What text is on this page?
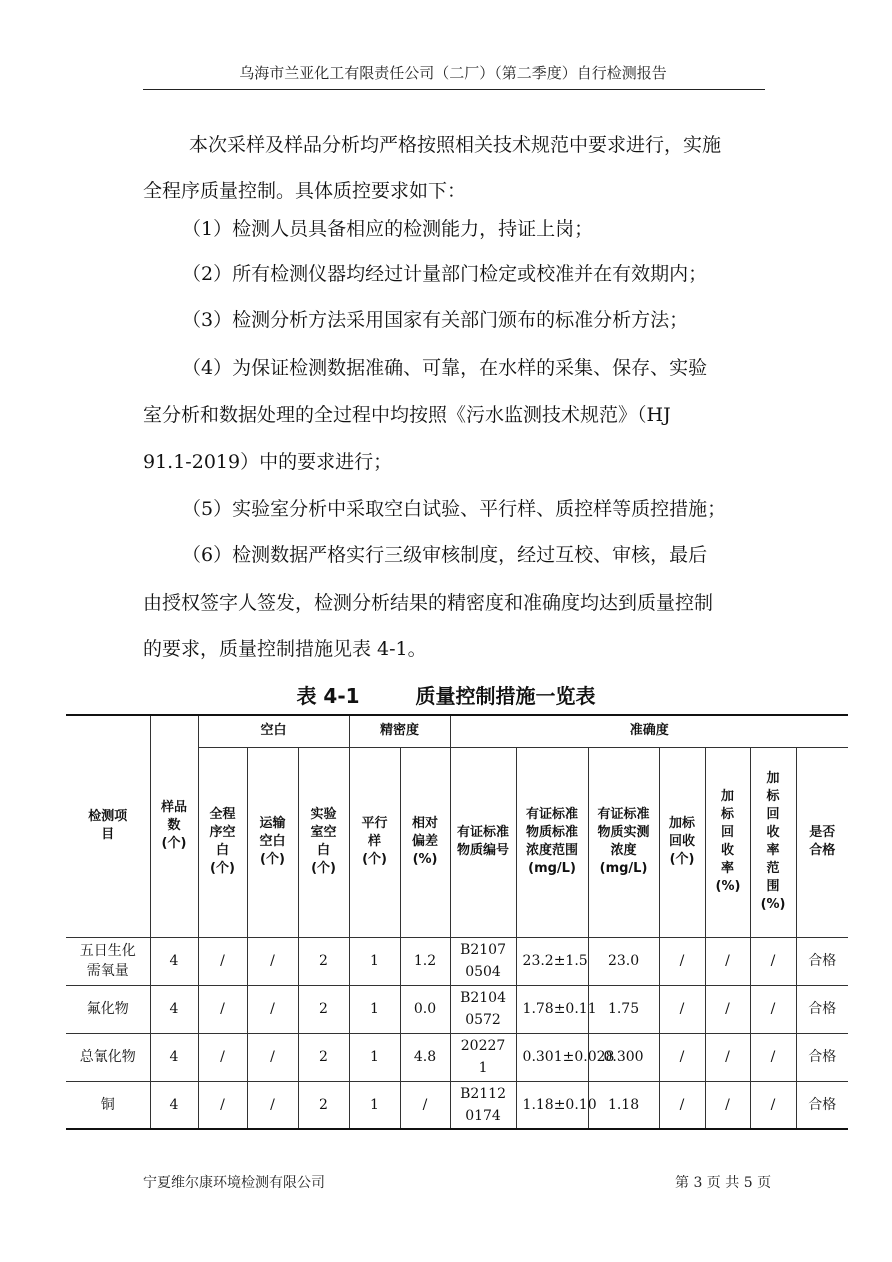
乌海市兰亚化工有限责任公司（二厂）（第二季度）自行检测报告
本次采样及样品分析均严格按照相关技术规范中要求进行，实施
全程序质量控制。具体质控要求如下：
（1）检测人员具备相应的检测能力，持证上岗；
（2）所有检测仪器均经过计量部门检定或校准并在有效期内；
（3）检测分析方法采用国家有关部门颁布的标准分析方法；
（4）为保证检测数据准确、可靠，在水样的采集、保存、实验
室分析和数据处理的全过程中均按照《污水监测技术规范》（HJ
91.1-2019）中的要求进行；
（5）实验室分析中采取空白试验、平行样、质控样等质控措施；
（6）检测数据严格实行三级审核制度，经过互校、审核，最后
由授权签字人签发，检测分析结果的精密度和准确度均达到质量控制
的要求，质量控制措施见表 4-1。
表 4-1	质量控制措施一览表
检测项目	样品数(个)	空白			精密度		准确度						
		全程序空白(个)	运输空白(个)	实验室空白(个)	平行样(个)	相对偏差(%)	有证标准物质编号	有证标准物质标准浓度范围(mg/L)	有证标准物质实测浓度(mg/L)	加标回收(个)	加标回收率(%)	加标回收率范围(%)	是否合格
五日生化需氧量	4	/	/	2	1	1.2	B21070504	23.2±1.5	23.0	/	/	/	合格
氟化物	4	/	/	2	1	0.0	B21040572	1.78±0.11	1.75	/	/	/	合格
总氰化物	4	/	/	2	1	4.8	202271	0.301±0.028	0.300	/	/	/	合格
铜	4	/	/	2	1	/	B21120174	1.18±0.10	1.18	/	/	/	合格
宁夏维尔康环境检测有限公司	第 3 页 共 5 页
